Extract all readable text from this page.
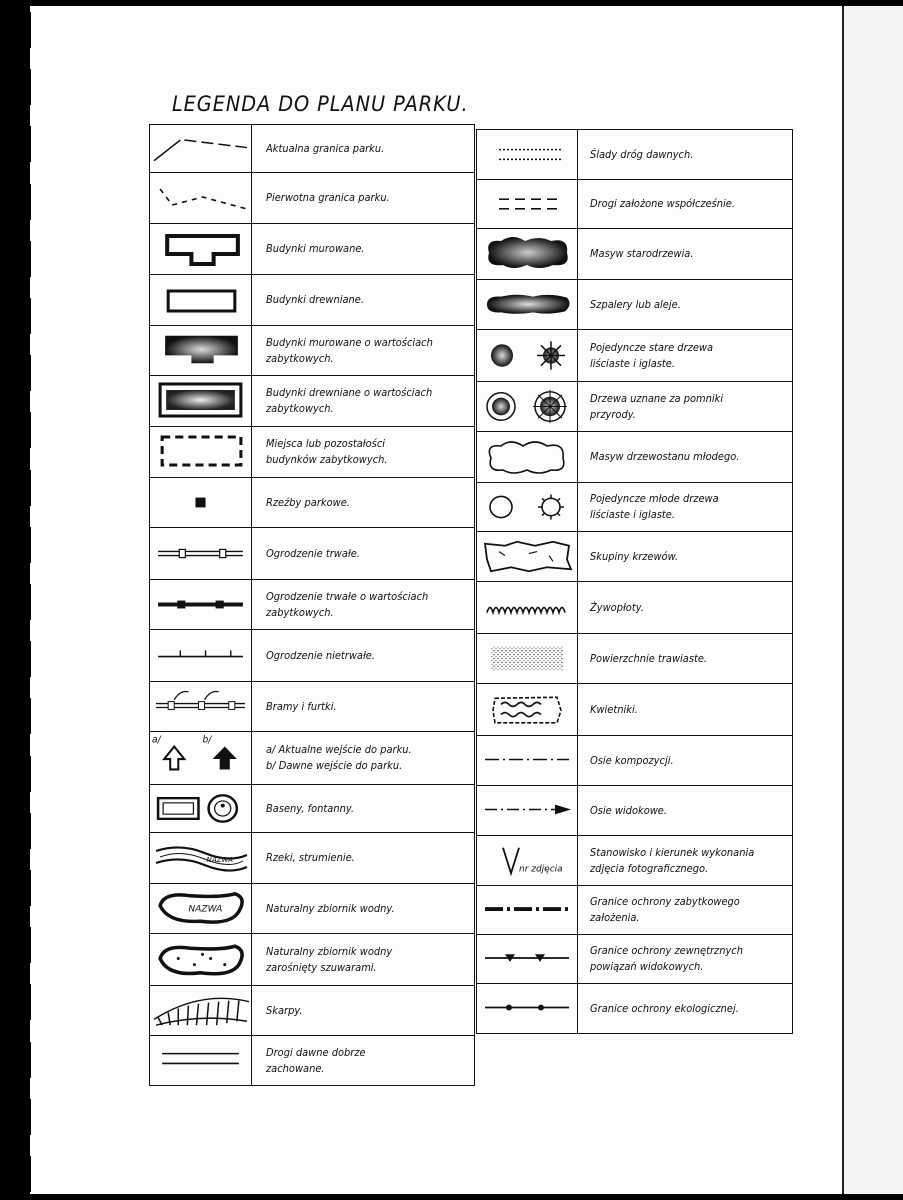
LEGENDA DO PLANU PARKU.
Aktualna granica parku.
Pierwotna granica parku.
Budynki murowane.
Budynki drewniane.
Budynki murowane o wartościach
zabytkowych.
Budynki drewniane o wartościach
zabytkowych.
Miejsca lub pozostałości
budynków zabytkowych.
Rzeźby parkowe.
Ogrodzenie trwałe.
Ogrodzenie trwałe o wartościach
zabytkowych.
Ogrodzenie nietrwałe.
Bramy i furtki.
a/	b/
a/ Aktualne wejście do parku.
b/ Dawne wejście do parku.
Baseny, fontanny.
NAZWA	Rzeki, strumienie.
NAZWA	Naturalny zbiornik wodny.
Naturalny zbiornik wodny
zarośnięty szuwarami.
Skarpy.
Drogi dawne dobrze
zachowane.
Ślady dróg dawnych.
Drogi założone współcześnie.
Masyw starodrzewia.
Szpalery lub aleje.
Pojedyncze stare drzewa
liściaste i iglaste.
Drzewa uznane za pomniki
przyrody.
Masyw drzewostanu młodego.
Pojedyncze młode drzewa
liściaste i iglaste.
Skupiny krzewów.
Żywopłoty.
Powierzchnie trawiaste.
Kwietniki.
Osie kompozycji.
Osie widokowe.
nr zdjęcia
Stanowisko i kierunek wykonania
zdjęcia fotograficznego.
Granice ochrony zabytkowego
założenia.
Granice ochrony zewnętrznych
powiązań widokowych.
Granice ochrony ekologicznej.
